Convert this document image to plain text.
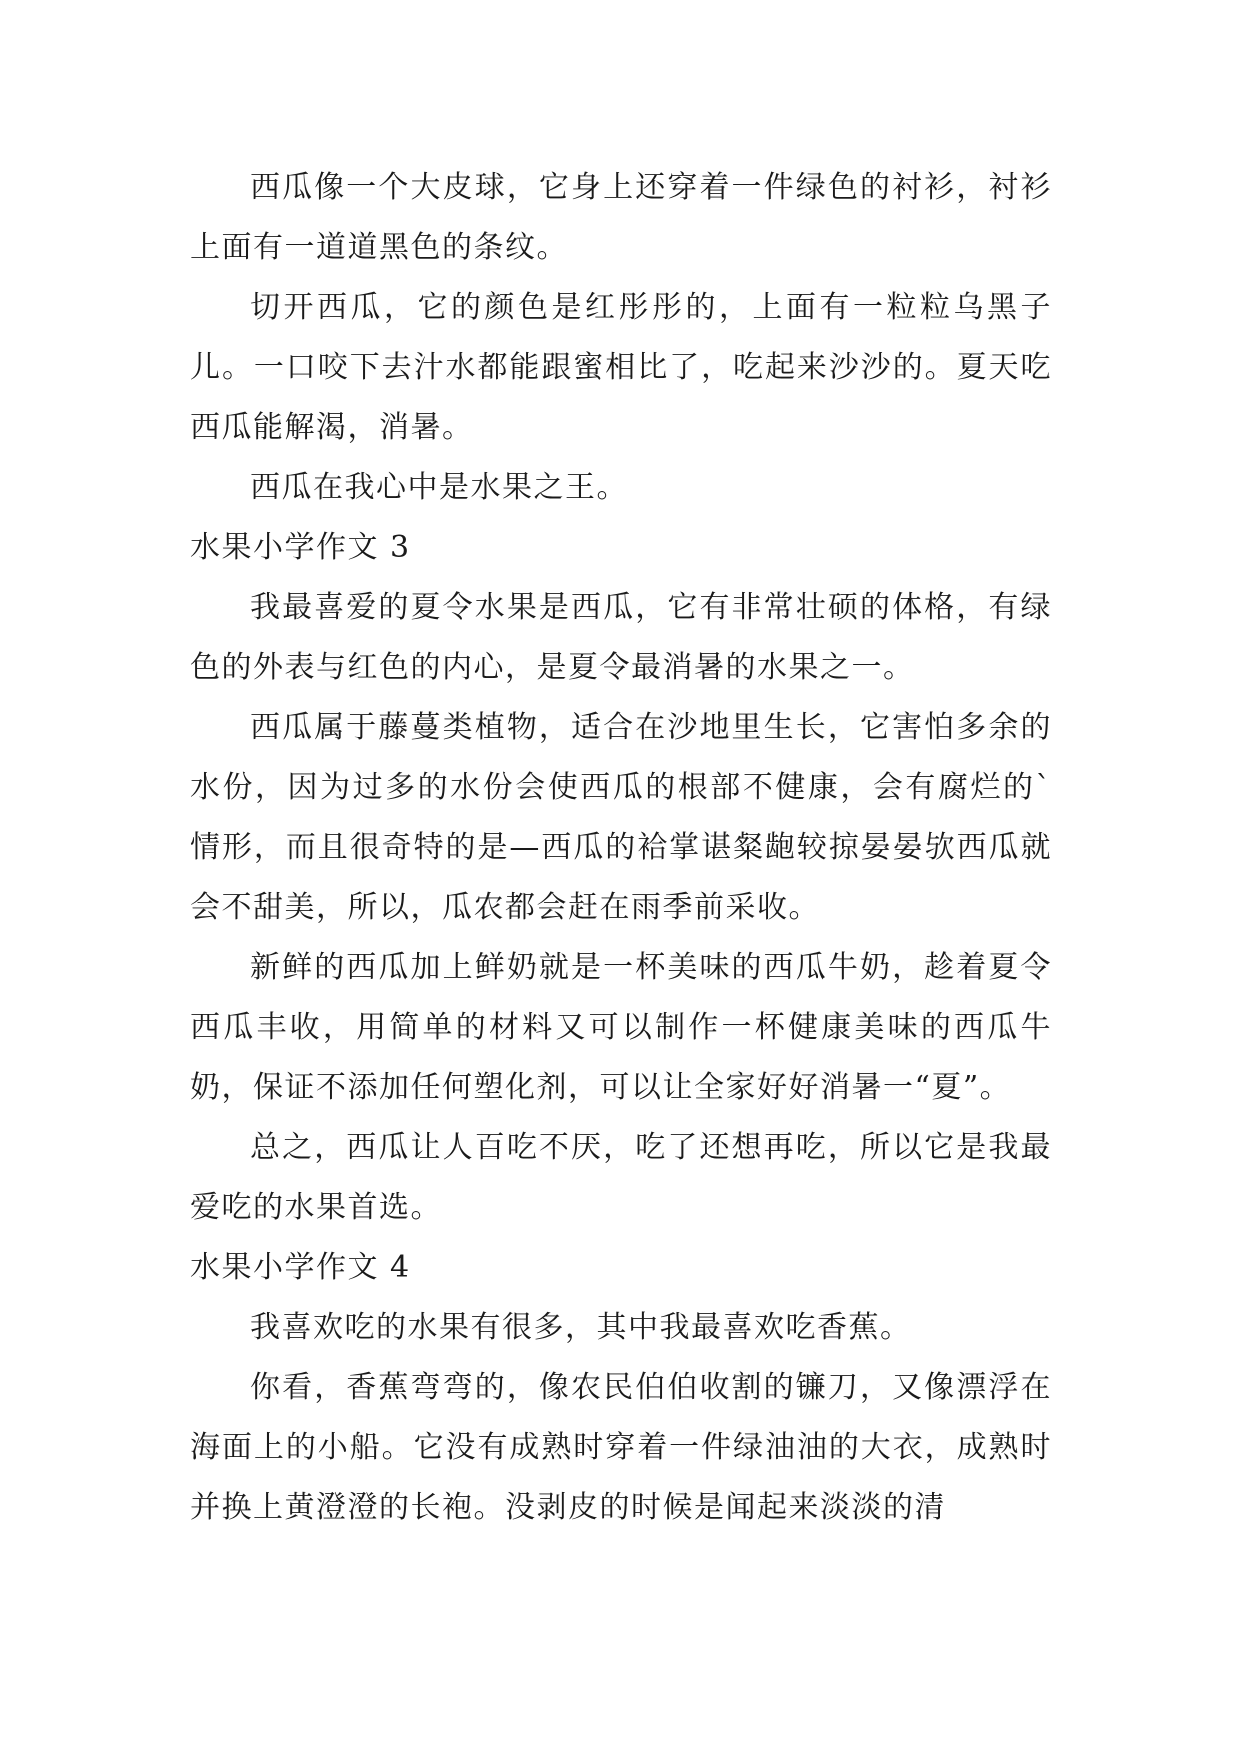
西瓜像一个大皮球，它身上还穿着一件绿色的衬衫，衬衫上面有一道道黑色的条纹。

切开西瓜，它的颜色是红彤彤的，上面有一粒粒乌黑子儿。一口咬下去汁水都能跟蜜相比了，吃起来沙沙的。夏天吃西瓜能解渴，消暑。

西瓜在我心中是水果之王。

水果小学作文 3

我最喜爱的夏令水果是西瓜，它有非常壮硕的体格，有绿色的外表与红色的内心，是夏令最消暑的水果之一。

西瓜属于藤蔓类植物，适合在沙地里生长，它害怕多余的水份，因为过多的水份会使西瓜的根部不健康，会有腐烂的`情形，而且很奇特的是—西瓜的袷掌谌粲龅较掠晏晏欤西瓜就会不甜美，所以，瓜农都会赶在雨季前采收。

新鲜的西瓜加上鲜奶就是一杯美味的西瓜牛奶，趁着夏令西瓜丰收，用简单的材料又可以制作一杯健康美味的西瓜牛奶，保证不添加任何塑化剂，可以让全家好好消暑一“夏”。

总之，西瓜让人百吃不厌，吃了还想再吃，所以它是我最爱吃的水果首选。

水果小学作文 4

我喜欢吃的水果有很多，其中我最喜欢吃香蕉。

你看，香蕉弯弯的，像农民伯伯收割的镰刀，又像漂浮在海面上的小船。它没有成熟时穿着一件绿油油的大衣，成熟时并换上黄澄澄的长袍。没剥皮的时候是闻起来淡淡的清
